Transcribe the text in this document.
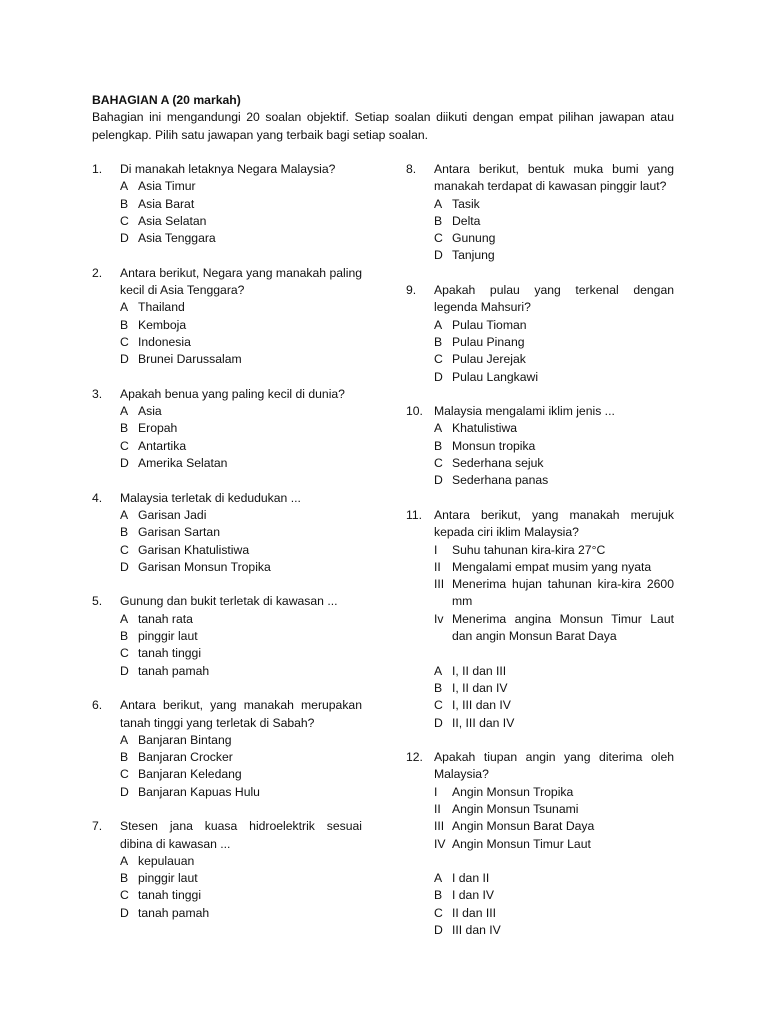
BAHAGIAN A (20 markah)
Bahagian ini mengandungi 20 soalan objektif. Setiap soalan diikuti dengan empat pilihan jawapan atau pelengkap. Pilih satu jawapan yang terbaik bagi setiap soalan.
1. Di manakah letaknya Negara Malaysia?
A Asia Timur
B Asia Barat
C Asia Selatan
D Asia Tenggara
2. Antara berikut, Negara yang manakah paling kecil di Asia Tenggara?
A Thailand
B Kemboja
C Indonesia
D Brunei Darussalam
3. Apakah benua yang paling kecil di dunia?
A Asia
B Eropah
C Antartika
D Amerika Selatan
4. Malaysia terletak di kedudukan ...
A Garisan Jadi
B Garisan Sartan
C Garisan Khatulistiwa
D Garisan Monsun Tropika
5. Gunung dan bukit terletak di kawasan ...
A tanah rata
B pinggir laut
C tanah tinggi
D tanah pamah
6. Antara berikut, yang manakah merupakan tanah tinggi yang terletak di Sabah?
A Banjaran Bintang
B Banjaran Crocker
C Banjaran Keledang
D Banjaran Kapuas Hulu
7. Stesen jana kuasa hidroelektrik sesuai dibina di kawasan ...
A kepulauan
B pinggir laut
C tanah tinggi
D tanah pamah
8. Antara berikut, bentuk muka bumi yang manakah terdapat di kawasan pinggir laut?
A Tasik
B Delta
C Gunung
D Tanjung
9. Apakah pulau yang terkenal dengan legenda Mahsuri?
A Pulau Tioman
B Pulau Pinang
C Pulau Jerejak
D Pulau Langkawi
10. Malaysia mengalami iklim jenis ...
A Khatulistiwa
B Monsun tropika
C Sederhana sejuk
D Sederhana panas
11. Antara berikut, yang manakah merujuk kepada ciri iklim Malaysia?
I	Suhu tahunan kira-kira 27°C
II Mengalami empat musim yang nyata
III Menerima hujan tahunan kira-kira 2600 mm
Iv Menerima angina Monsun Timur Laut dan angin Monsun Barat Daya
A I, II dan III
B I, II dan IV
C I, III dan IV
D II, III dan IV
12. Apakah tiupan angin yang diterima oleh Malaysia?
I	Angin Monsun Tropika
II Angin Monsun Tsunami
III Angin Monsun Barat Daya
IV Angin Monsun Timur Laut
A I dan II
B I dan IV
C II dan III
D III dan IV
